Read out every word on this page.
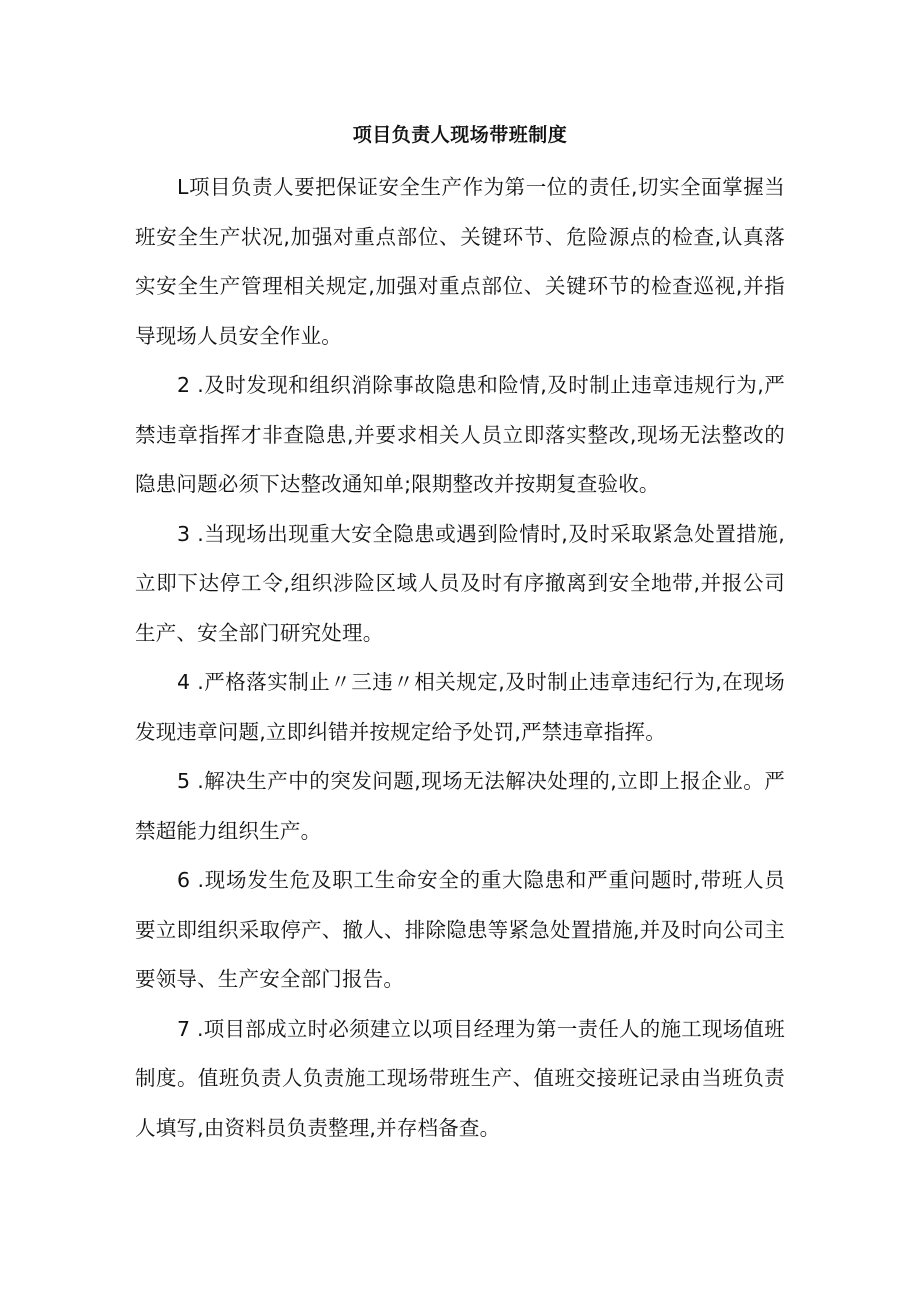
项目负责人现场带班制度

L项目负责人要把保证安全生产作为第一位的责任,切实全面掌握当班安全生产状况,加强对重点部位、关键环节、危险源点的检查,认真落实安全生产管理相关规定,加强对重点部位、关键环节的检查巡视,并指导现场人员安全作业。

2 .及时发现和组织消除事故隐患和险情,及时制止违章违规行为,严禁违章指挥才非查隐患,并要求相关人员立即落实整改,现场无法整改的隐患问题必须下达整改通知单;限期整改并按期复查验收。

3 .当现场出现重大安全隐患或遇到险情时,及时采取紧急处置措施,立即下达停工令,组织涉险区域人员及时有序撤离到安全地带,并报公司生产、安全部门研究处理。

4 .严格落实制止〃三违〃相关规定,及时制止违章违纪行为,在现场发现违章问题,立即纠错并按规定给予处罚,严禁违章指挥。

5 .解决生产中的突发问题,现场无法解决处理的,立即上报企业。严禁超能力组织生产。

6 .现场发生危及职工生命安全的重大隐患和严重问题时,带班人员要立即组织采取停产、撤人、排除隐患等紧急处置措施,并及时向公司主要领导、生产安全部门报告。

7 .项目部成立时必须建立以项目经理为第一责任人的施工现场值班制度。值班负责人负责施工现场带班生产、值班交接班记录由当班负责人填写,由资料员负责整理,并存档备查。
